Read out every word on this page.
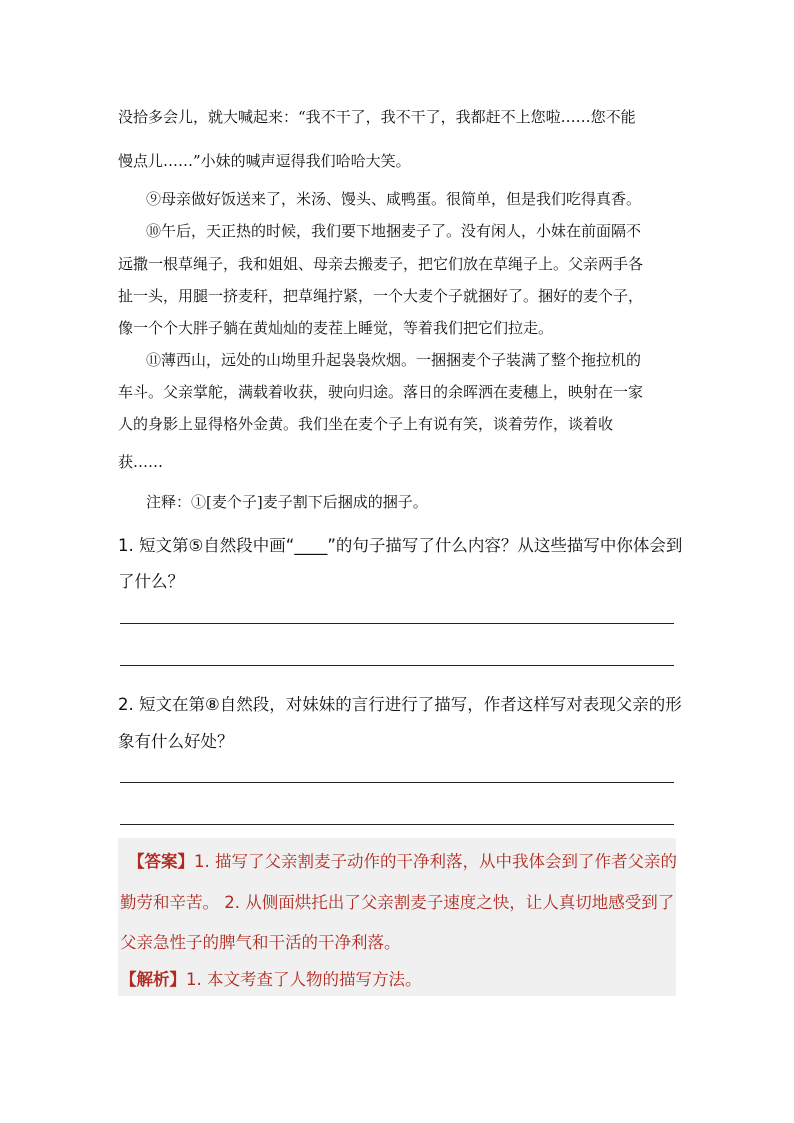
没拾多会儿，就大喊起来：“我不干了，我不干了，我都赶不上您啦……您不能
慢点儿……”小妹的喊声逗得我们哈哈大笑。
⑨母亲做好饭送来了，米汤、馒头、咸鸭蛋。很简单，但是我们吃得真香。
⑩午后，天正热的时候，我们要下地捆麦子了。没有闲人，小妹在前面隔不
远撒一根草绳子，我和姐姐、母亲去搬麦子，把它们放在草绳子上。父亲两手各
扯一头，用腿一挤麦秆，把草绳拧紧，一个大麦个子就捆好了。捆好的麦个子，
像一个个大胖子躺在黄灿灿的麦茬上睡觉，等着我们把它们拉走。
⑪薄西山，远处的山坳里升起袅袅炊烟。一捆捆麦个子装满了整个拖拉机的
车斗。父亲掌舵，满载着收获，驶向归途。落日的余晖洒在麦穗上，映射在一家
人的身影上显得格外金黄。我们坐在麦个子上有说有笑，谈着劳作，谈着收
获……
注释：①[麦个子]麦子割下后捆成的捆子。
1. 短文第⑤自然段中画“____”的句子描写了什么内容？从这些描写中你体会到
了什么？
2. 短文在第⑧自然段，对妹妹的言行进行了描写，作者这样写对表现父亲的形
象有什么好处？
【答案】1. 描写了父亲割麦子动作的干净利落，从中我体会到了作者父亲的
勤劳和辛苦。 2. 从侧面烘托出了父亲割麦子速度之快，让人真切地感受到了
父亲急性子的脾气和干活的干净利落。
【解析】1. 本文考查了人物的描写方法。
